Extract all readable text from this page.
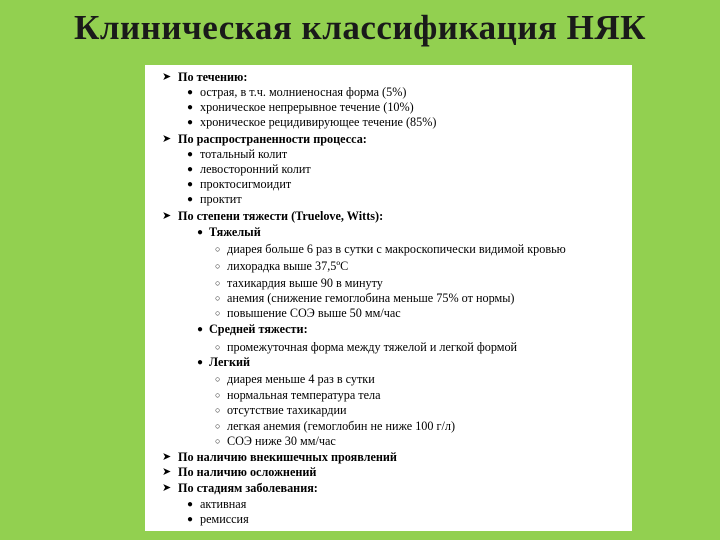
Клиническая классификация НЯК
➤ По течению:
● острая, в т.ч. молниеносная форма (5%)
● хроническое непрерывное течение (10%)
● хроническое рецидивирующее течение (85%)
➤ По распространенности процесса:
● тотальный колит
● левосторонний колит
● проктосигмоидит
● проктит
➤ По степени тяжести (Truelove, Witts):
● Тяжелый
○ диарея больше 6 раз в сутки с макроскопически видимой кровью
○ лихорадка выше 37,5ºС
○ тахикардия выше 90 в минуту
○ анемия (снижение гемоглобина меньше 75% от нормы)
○ повышение СОЭ выше 50 мм/час
● Средней тяжести:
○ промежуточная форма между тяжелой и легкой формой
● Легкий
○ диарея меньше 4 раз в сутки
○ нормальная температура тела
○ отсутствие тахикардии
○ легкая анемия (гемоглобин не ниже 100 г/л)
○ СОЭ ниже 30 мм/час
➤ По наличию внекишечных проявлений
➤ По наличию осложнений
➤ По стадиям заболевания:
● активная
● ремиссия
